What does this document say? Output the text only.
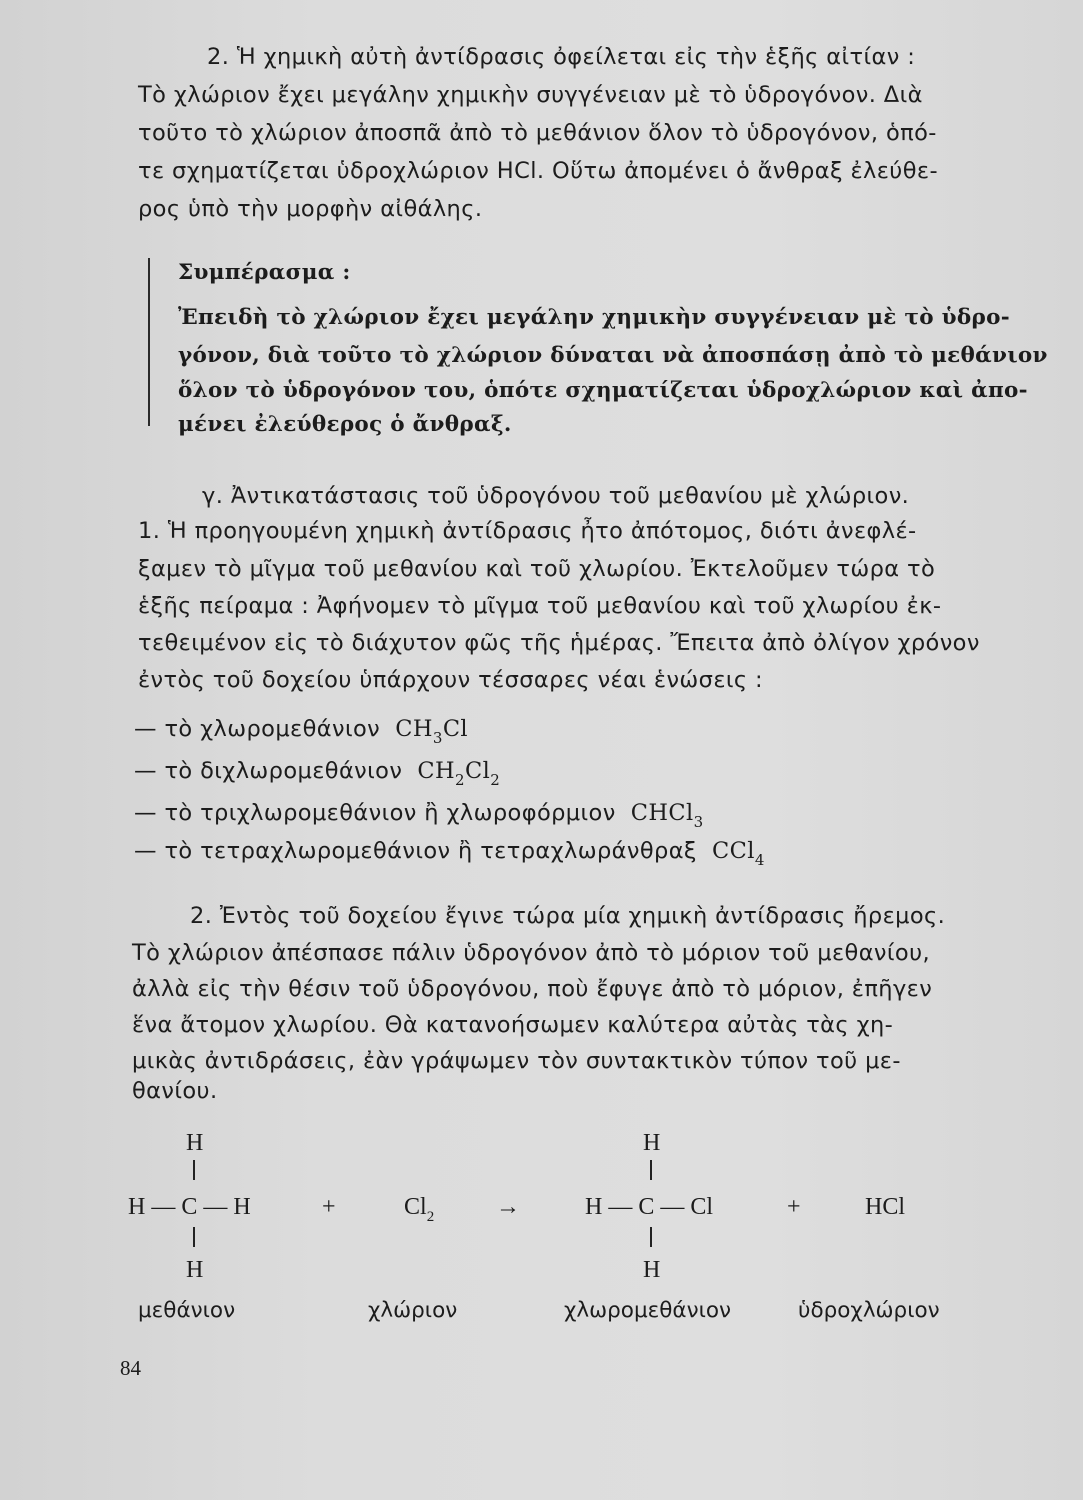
2. Ἡ χημικὴ αὐτὴ ἀντίδρασις ὀφείλεται εἰς τὴν ἑξῆς αἰτίαν :
Τὸ χλώριον ἔχει μεγάλην χημικὴν συγγένειαν μὲ τὸ ὑδρογόνον. Διὰ
τοῦτο τὸ χλώριον ἀποσπᾶ ἀπὸ τὸ μεθάνιον ὅλον τὸ ὑδρογόνον, ὁπό-
τε σχηματίζεται ὑδροχλώριον HCl. Οὕτω ἀπομένει ὁ ἄνθραξ ἐλεύθε-
ρος ὑπὸ τὴν μορφὴν αἰθάλης.
Συμπέρασμα :
Ἐπειδὴ τὸ χλώριον ἔχει μεγάλην χημικὴν συγγένειαν μὲ τὸ ὑδρο-
γόνον, διὰ τοῦτο τὸ χλώριον δύναται νὰ ἀποσπάσῃ ἀπὸ τὸ μεθάνιον
ὅλον τὸ ὑδρογόνον του, ὁπότε σχηματίζεται ὑδροχλώριον καὶ ἀπο-
μένει ἐλεύθερος ὁ ἄνθραξ.
γ. Ἀντικατάστασις τοῦ ὑδρογόνου τοῦ μεθανίου μὲ χλώριον.
1. Ἡ προηγουμένη χημικὴ ἀντίδρασις ἦτο ἀπότομος, διότι ἀνεφλέ-
ξαμεν τὸ μῖγμα τοῦ μεθανίου καὶ τοῦ χλωρίου. Ἐκτελοῦμεν τώρα τὸ
ἑξῆς πείραμα : Ἀφήνομεν τὸ μῖγμα τοῦ μεθανίου καὶ τοῦ χλωρίου ἐκ-
τεθειμένον εἰς τὸ διάχυτον φῶς τῆς ἡμέρας. Ἔπειτα ἀπὸ ὀλίγον χρόνον
ἐντὸς τοῦ δοχείου ὑπάρχουν τέσσαρες νέαι ἑνώσεις :
— τὸ χλωρομεθάνιον $CH_3Cl$
— τὸ διχλωρομεθάνιον $CH_2Cl_2$
— τὸ τριχλωρομεθάνιον ἢ χλωροφόρμιον CHCl$_3$
— τὸ τετραχλωρομεθάνιον ἢ τετραχλωράνθραξ CCl$_4$
2. Ἐντὸς τοῦ δοχείου ἔγινε τώρα μία χημικὴ ἀντίδρασις ἤρεμος.
Τὸ χλώριον ἀπέσπασε πάλιν ὑδρογόνον ἀπὸ τὸ μόριον τοῦ μεθανίου,
ἀλλὰ εἰς τὴν θέσιν τοῦ ὑδρογόνου, ποὺ ἔφυγε ἀπὸ τὸ μόριον, ἐπῆγεν
ἕνα ἄτομον χλωρίου. Θὰ κατανοήσωμεν καλύτερα αὐτὰς τὰς χη-
μικὰς ἀντιδράσεις, ἐὰν γράψωμεν τὸν συντακτικὸν τύπον τοῦ με-
θανίου.
H
H — C — H
H
μεθάνιον
+	$Cl_2$
χλώριον
→
H
H — C — Cl
H
χλωρομεθάνιον
+	HCl
ὑδροχλώριον
84
